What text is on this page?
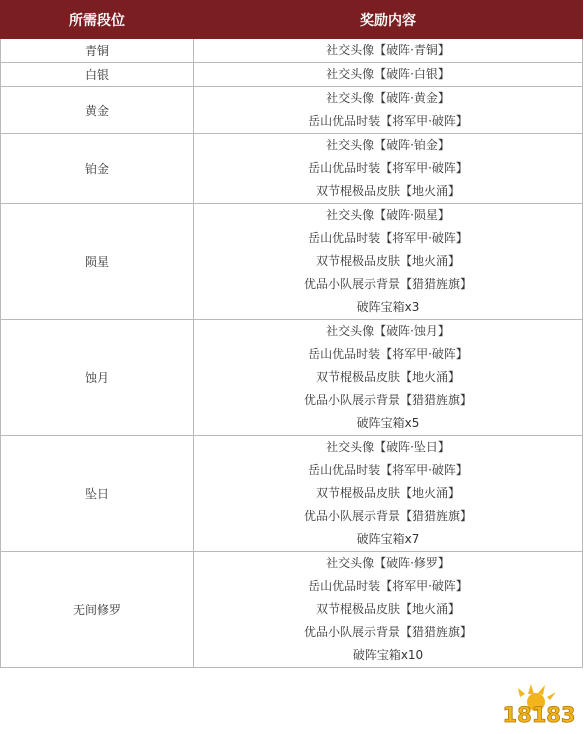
所需段位	奖励内容
青铜	社交头像【破阵·青铜】

白银	社交头像【破阵·白银】

黄金	社交头像【破阵·黄金】
岳山优品时装【将军甲·破阵】

铂金	社交头像【破阵·铂金】
岳山优品时装【将军甲·破阵】
双节棍极品皮肤【地火涌】

陨星	社交头像【破阵·陨星】
岳山优品时装【将军甲·破阵】
双节棍极品皮肤【地火涌】
优品小队展示背景【猎猎旌旗】
破阵宝箱x3

蚀月	社交头像【破阵·蚀月】
岳山优品时装【将军甲·破阵】
双节棍极品皮肤【地火涌】
优品小队展示背景【猎猎旌旗】
破阵宝箱x5

坠日	社交头像【破阵·坠日】
岳山优品时装【将军甲·破阵】
双节棍极品皮肤【地火涌】
优品小队展示背景【猎猎旌旗】
破阵宝箱x7

无间修罗	社交头像【破阵·修罗】
岳山优品时装【将军甲·破阵】
双节棍极品皮肤【地火涌】
优品小队展示背景【猎猎旌旗】
破阵宝箱x10
18183
